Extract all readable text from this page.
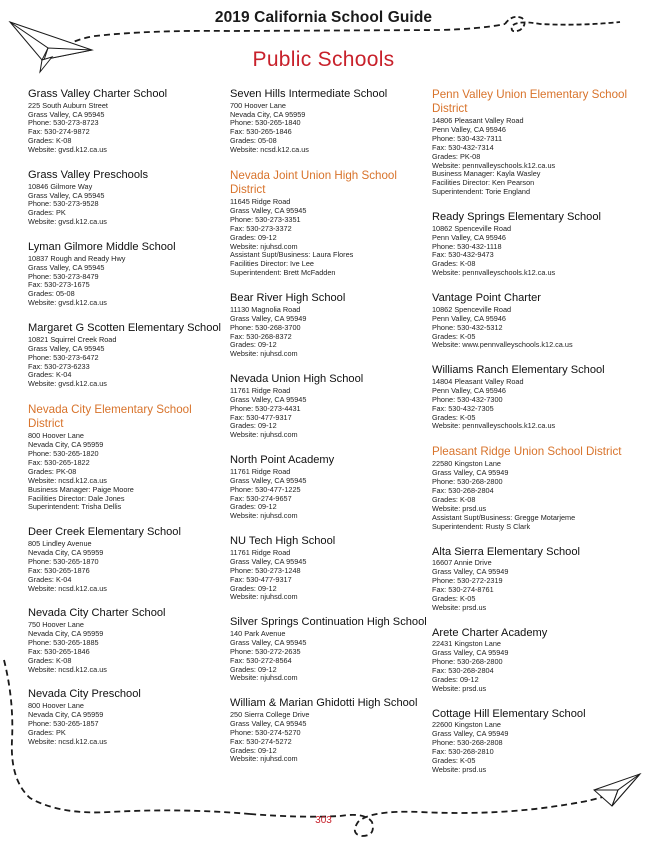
2019 California School Guide
Public Schools
Grass Valley Charter School
225 South Auburn Street
Grass Valley, CA 95945
Phone: 530-273-8723
Fax: 530-274-9872
Grades: K-08
Website: gvsd.k12.ca.us
Grass Valley Preschools
10846 Gilmore Way
Grass Valley, CA 95945
Phone: 530-273-9528
Grades: PK
Website: gvsd.k12.ca.us
Lyman Gilmore Middle School
10837 Rough and Ready Hwy
Grass Valley, CA 95945
Phone: 530-273-8479
Fax: 530-273-1675
Grades: 05-08
Website: gvsd.k12.ca.us
Margaret G Scotten Elementary School
10821 Squirrel Creek Road
Grass Valley, CA 95945
Phone: 530-273-6472
Fax: 530-273-6233
Grades: K-04
Website: gvsd.k12.ca.us
Nevada City Elementary School District
800 Hoover Lane
Nevada City, CA 95959
Phone: 530-265-1820
Fax: 530-265-1822
Grades: PK-08
Website: ncsd.k12.ca.us
Business Manager: Paige Moore
Facilities Director: Dale Jones
Superintendent: Trisha Dellis
Deer Creek Elementary School
805 Lindley Avenue
Nevada City, CA 95959
Phone: 530-265-1870
Fax: 530-265-1876
Grades: K-04
Website: ncsd.k12.ca.us
Nevada City Charter School
750 Hoover Lane
Nevada City, CA 95959
Phone: 530-265-1885
Fax: 530-265-1846
Grades: K-08
Website: ncsd.k12.ca.us
Nevada City Preschool
800 Hoover Lane
Nevada City, CA 95959
Phone: 530-265-1857
Grades: PK
Website: ncsd.k12.ca.us
Seven Hills Intermediate School
700 Hoover Lane
Nevada City, CA 95959
Phone: 530-265-1840
Fax: 530-265-1846
Grades: 05-08
Website: ncsd.k12.ca.us
Nevada Joint Union High School District
11645 Ridge Road
Grass Valley, CA 95945
Phone: 530-273-3351
Fax: 530-273-3372
Grades: 09-12
Website: njuhsd.com
Assistant Supt/Business: Laura Flores
Facilities Director: Ive Lee
Superintendent: Brett McFadden
Bear River High School
11130 Magnolia Road
Grass Valley, CA 95949
Phone: 530-268-3700
Fax: 530-268-8372
Grades: 09-12
Website: njuhsd.com
Nevada Union High School
11761 Ridge Road
Grass Valley, CA 95945
Phone: 530-273-4431
Fax: 530-477-9317
Grades: 09-12
Website: njuhsd.com
North Point Academy
11761 Ridge Road
Grass Valley, CA 95945
Phone: 530-477-1225
Fax: 530-274-9657
Grades: 09-12
Website: njuhsd.com
NU Tech High School
11761 Ridge Road
Grass Valley, CA 95945
Phone: 530-273-1248
Fax: 530-477-9317
Grades: 09-12
Website: njuhsd.com
Silver Springs Continuation High School
140 Park Avenue
Grass Valley, CA 95945
Phone: 530-272-2635
Fax: 530-272-8564
Grades: 09-12
Website: njuhsd.com
William & Marian Ghidotti High School
250 Sierra College Drive
Grass Valley, CA 95945
Phone: 530-274-5270
Fax: 530-274-5272
Grades: 09-12
Website: njuhsd.com
Penn Valley Union Elementary School District
14806 Pleasant Valley Road
Penn Valley, CA 95946
Phone: 530-432-7311
Fax: 530-432-7314
Grades: PK-08
Website: pennvalleyschools.k12.ca.us
Business Manager: Kayla Wasley
Facilities Director: Ken Pearson
Superintendent: Torie England
Ready Springs Elementary School
10862 Spenceville Road
Penn Valley, CA 95946
Phone: 530-432-1118
Fax: 530-432-9473
Grades: K-08
Website: pennvalleyschools.k12.ca.us
Vantage Point Charter
10862 Spenceville Road
Penn Valley, CA 95946
Phone: 530-432-5312
Grades: K-05
Website: www.pennvalleyschools.k12.ca.us
Williams Ranch Elementary School
14804 Pleasant Valley Road
Penn Valley, CA 95946
Phone: 530-432-7300
Fax: 530-432-7305
Grades: K-05
Website: pennvalleyschools.k12.ca.us
Pleasant Ridge Union School District
22580 Kingston Lane
Grass Valley, CA 95949
Phone: 530-268-2800
Fax: 530-268-2804
Grades: K-08
Website: prsd.us
Assistant Supt/Business: Gregge Motarjeme
Superintendent: Rusty S Clark
Alta Sierra Elementary School
16607 Annie Drive
Grass Valley, CA 95949
Phone: 530-272-2319
Fax: 530-274-8761
Grades: K-05
Website: prsd.us
Arete Charter Academy
22431 Kingston Lane
Grass Valley, CA 95949
Phone: 530-268-2800
Fax: 530-268-2804
Grades: 09-12
Website: prsd.us
Cottage Hill Elementary School
22600 Kingston Lane
Grass Valley, CA 95949
Phone: 530-268-2808
Fax: 530-268-2810
Grades: K-05
Website: prsd.us
303
